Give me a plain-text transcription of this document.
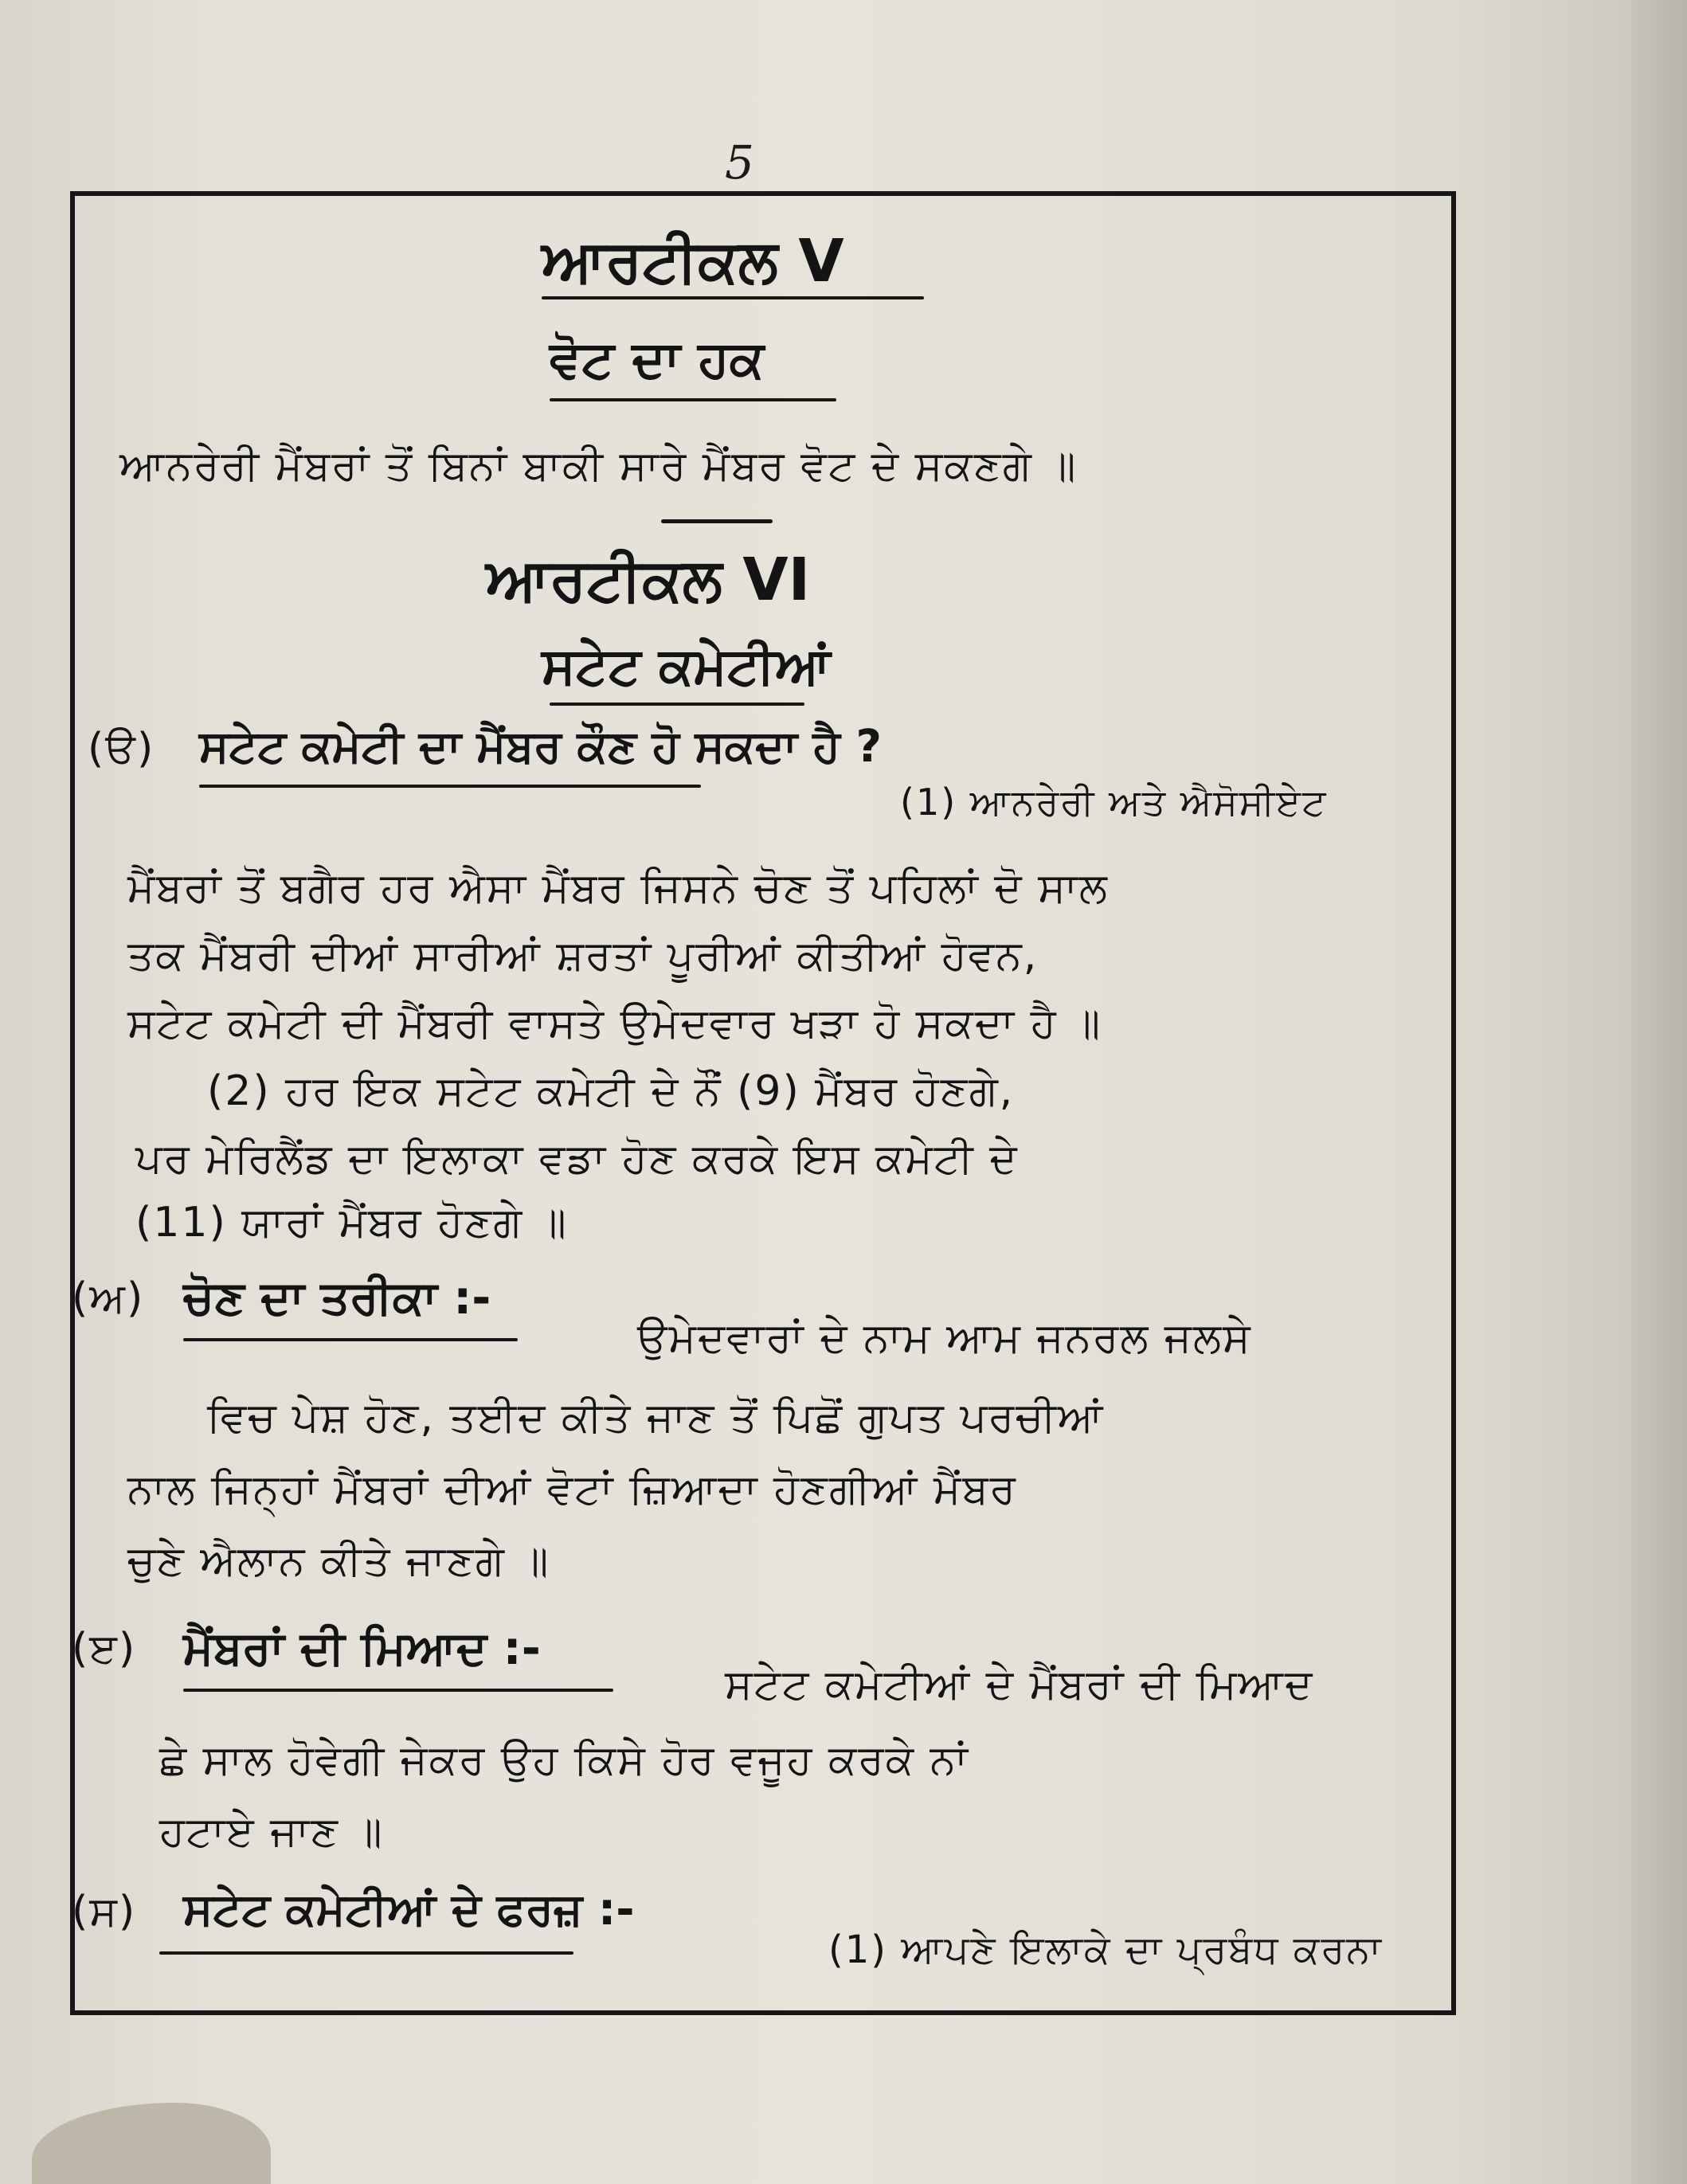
5
ਆਰਟੀਕਲ V
ਵੋਟ ਦਾ ਹਕ
ਆਨਰੇਰੀ ਮੈਂਬਰਾਂ ਤੋਂ ਬਿਨਾਂ ਬਾਕੀ ਸਾਰੇ ਮੈਂਬਰ ਵੋਟ ਦੇ ਸਕਣਗੇ ॥
ਆਰਟੀਕਲ VI
ਸਟੇਟ ਕਮੇਟੀਆਂ
(ੳ) ਸਟੇਟ ਕਮੇਟੀ ਦਾ ਮੈਂਬਰ ਕੌਣ ਹੋ ਸਕਦਾ ਹੈ ?
(1) ਆਨਰੇਰੀ ਅਤੇ ਐਸੋਸੀਏਟ
ਮੈਂਬਰਾਂ ਤੋਂ ਬਗੈਰ ਹਰ ਐਸਾ ਮੈਂਬਰ ਜਿਸਨੇ ਚੋਣ ਤੋਂ ਪਹਿਲਾਂ ਦੋ ਸਾਲ
ਤਕ ਮੈਂਬਰੀ ਦੀਆਂ ਸਾਰੀਆਂ ਸ਼ਰਤਾਂ ਪੂਰੀਆਂ ਕੀਤੀਆਂ ਹੋਵਨ,
ਸਟੇਟ ਕਮੇਟੀ ਦੀ ਮੈਂਬਰੀ ਵਾਸਤੇ ਉਮੇਦਵਾਰ ਖੜਾ ਹੋ ਸਕਦਾ ਹੈ ॥
(2) ਹਰ ਇਕ ਸਟੇਟ ਕਮੇਟੀ ਦੇ ਨੌਂ (9) ਮੈਂਬਰ ਹੋਣਗੇ,
ਪਰ ਮੇਰਿਲੈਂਡ ਦਾ ਇਲਾਕਾ ਵਡਾ ਹੋਣ ਕਰਕੇ ਇਸ ਕਮੇਟੀ ਦੇ
(11) ਯਾਰਾਂ ਮੈਂਬਰ ਹੋਣਗੇ ॥
(ਅ) ਚੋਣ ਦਾ ਤਰੀਕਾ :-
ਉਮੇਦਵਾਰਾਂ ਦੇ ਨਾਮ ਆਮ ਜਨਰਲ ਜਲਸੇ
ਵਿਚ ਪੇਸ਼ ਹੋਣ, ਤਈਦ ਕੀਤੇ ਜਾਣ ਤੋਂ ਪਿਛੋਂ ਗੁਪਤ ਪਰਚੀਆਂ
ਨਾਲ ਜਿਨ੍ਹਾਂ ਮੈਂਬਰਾਂ ਦੀਆਂ ਵੋਟਾਂ ਜ਼ਿਆਦਾ ਹੋਣਗੀਆਂ ਮੈਂਬਰ
ਚੁਣੇ ਐਲਾਨ ਕੀਤੇ ਜਾਣਗੇ ॥
(ੲ) ਮੈਂਬਰਾਂ ਦੀ ਮਿਆਦ :-
ਸਟੇਟ ਕਮੇਟੀਆਂ ਦੇ ਮੈਂਬਰਾਂ ਦੀ ਮਿਆਦ
ਛੇ ਸਾਲ ਹੋਵੇਗੀ ਜੇਕਰ ਉਹ ਕਿਸੇ ਹੋਰ ਵਜੂਹ ਕਰਕੇ ਨਾਂ
ਹਟਾਏ ਜਾਣ ॥
(ਸ) ਸਟੇਟ ਕਮੇਟੀਆਂ ਦੇ ਫਰਜ਼ :-
(1) ਆਪਣੇ ਇਲਾਕੇ ਦਾ ਪ੍ਰਬੰਧ ਕਰਨਾ
